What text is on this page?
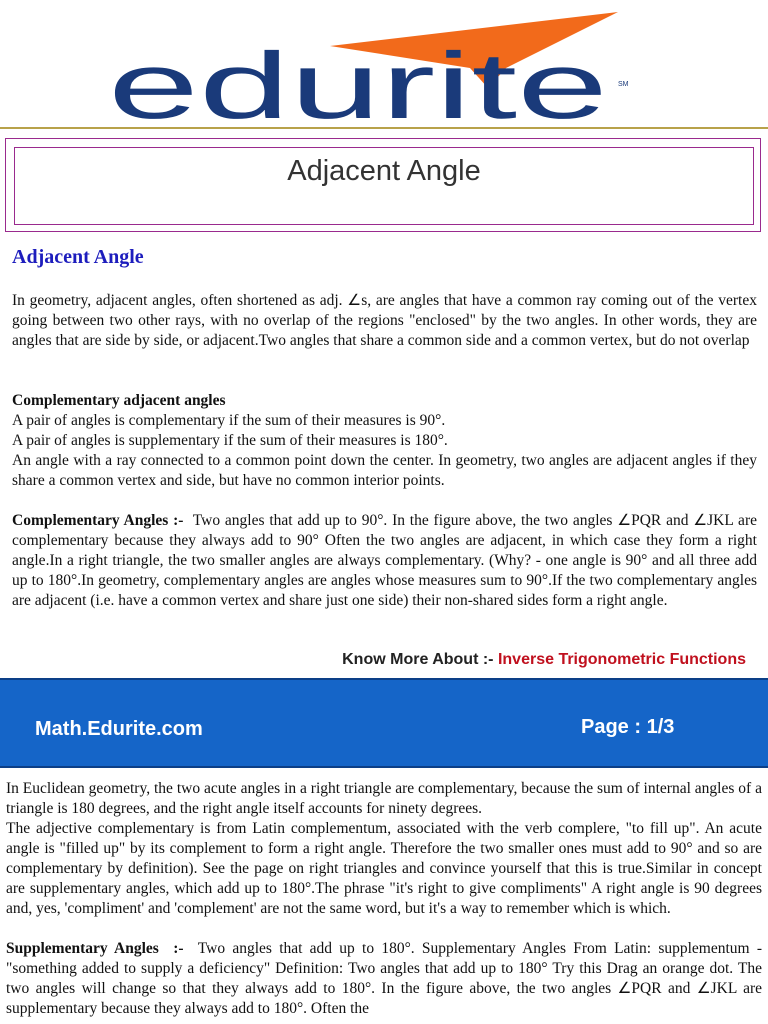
edurite SM
Adjacent Angle
Adjacent Angle

In geometry, adjacent angles, often shortened as adj. ∠s, are angles that have a common ray coming out of the vertex going between two other rays, with no overlap of the regions "enclosed" by the two angles. In other words, they are angles that are side by side, or adjacent.Two angles that share a common side and a common vertex, but do not overlap

Complementary adjacent angles

A pair of angles is complementary if the sum of their measures is 90°.

A pair of angles is supplementary if the sum of their measures is 180°.

An angle with a ray connected to a common point down the center. In geometry, two angles are adjacent angles if they share a common vertex and side, but have no common interior points.

Complementary Angles :-  Two angles that add up to 90°. In the figure above, the two angles ∠PQR and ∠JKL are complementary because they always add to 90° Often the two angles are adjacent, in which case they form a right angle.In a right triangle, the two smaller angles are always complementary. (Why? - one angle is 90° and all three add up to 180°.In geometry, complementary angles are angles whose measures sum to 90°.If the two complementary angles are adjacent (i.e. have a common vertex and share just one side) their non-shared sides form a right angle.

Know More About :- Inverse Trigonometric Functions
Math.Edurite.com	Page : 1/3

In Euclidean geometry, the two acute angles in a right triangle are complementary, because the sum of internal angles of a triangle is 180 degrees, and the right angle itself accounts for ninety degrees.

The adjective complementary is from Latin complementum, associated with the verb complere, "to fill up". An acute angle is "filled up" by its complement to form a right angle. Therefore the two smaller ones must add to 90° and so are complementary by definition). See the page on right triangles and convince yourself that this is true.Similar in concept are supplementary angles, which add up to 180°.The phrase "it's right to give compliments" A right angle is 90 degrees and, yes, 'compliment' and 'complement' are not the same word, but it's a way to remember which is which.

Supplementary Angles  :-  Two angles that add up to 180°. Supplementary Angles From Latin: supplementum - "something added to supply a deficiency" Definition: Two angles that add up to 180° Try this Drag an orange dot. The two angles will change so that they always add to 180°. In the figure above, the two angles ∠PQR and ∠JKL are supplementary because they always add to 180°. Often the
